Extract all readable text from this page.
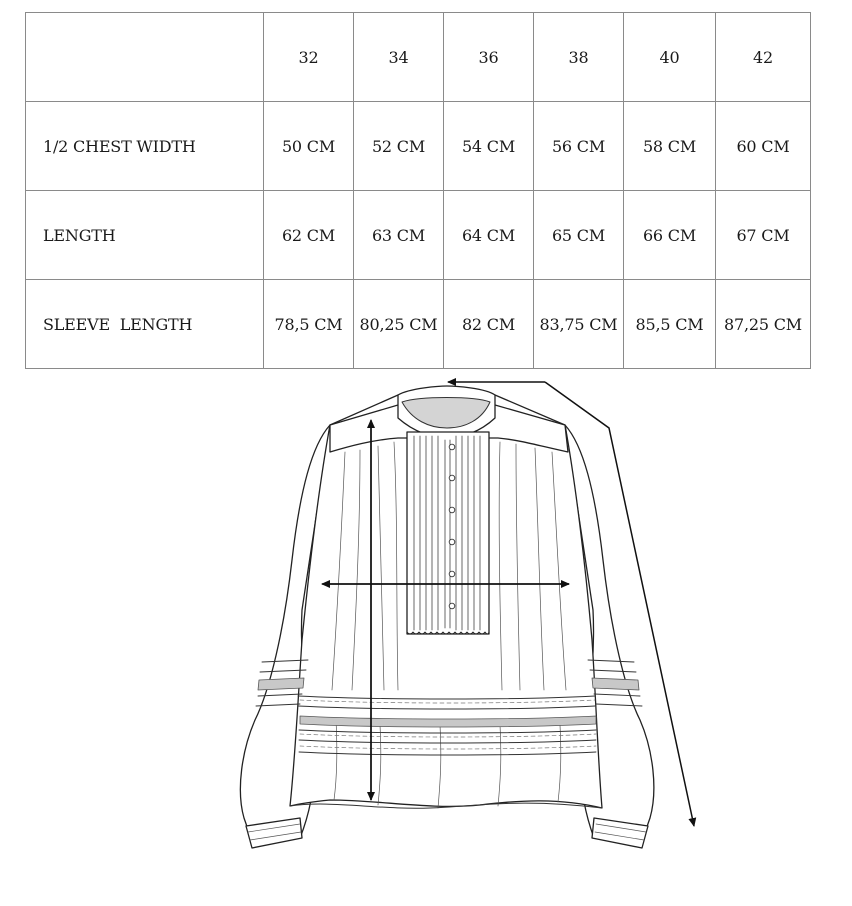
	32	34	36	38	40	42
1/2 CHEST WIDTH	50 CM	52 CM	54 CM	56 CM	58 CM	60 CM
LENGTH	62 CM	63 CM	64 CM	65 CM	66 CM	67 CM
SLEEVE  LENGTH	78,5 CM	80,25 CM	82 CM	83,75 CM	85,5 CM	87,25 CM
